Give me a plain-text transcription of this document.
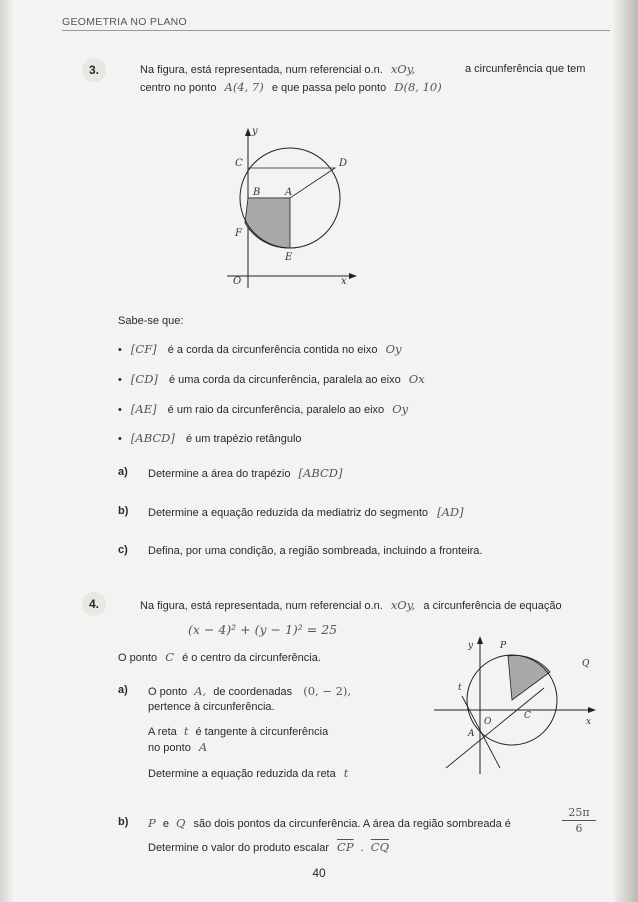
GEOMETRIA NO PLANO
3.	Na figura, está representada, num referencial o.n. xOy,	a circunferência que tem
centro no ponto A(4, 7) e que passa pelo ponto D(8, 10)
y
x
O
C	D
B A
F
E
Sabe-se que:
• [CF] é a corda da circunferência contida no eixo Oy
• [CD] é uma corda da circunferência, paralela ao eixo Ox
• [AE] é um raio da circunferência, paralelo ao eixo Oy
• [ABCD] é um trapézio retângulo
a) Determine a área do trapézio [ABCD]
b) Determine a equação reduzida da mediatriz do segmento [AD]
c) Defina, por uma condição, a região sombreada, incluindo a fronteira.
4.	Na figura, está representada, num referencial o.n. xOy, a circunferência de equação
(x − 4)² + (y − 1)² = 25
O ponto C é o centro da circunferência.
a) O ponto A, de coordenadas (0, − 2),
pertence à circunferência.
A reta t é tangente à circunferência
no ponto A
Determine a equação reduzida da reta t
y
x
O
P
Q
C
A
t
b) P e Q são dois pontos da circunferência. A área da região sombreada é
25π
6
Determine o valor do produto escalar $\overline{CP}$ . $\overline{CQ}$
40
